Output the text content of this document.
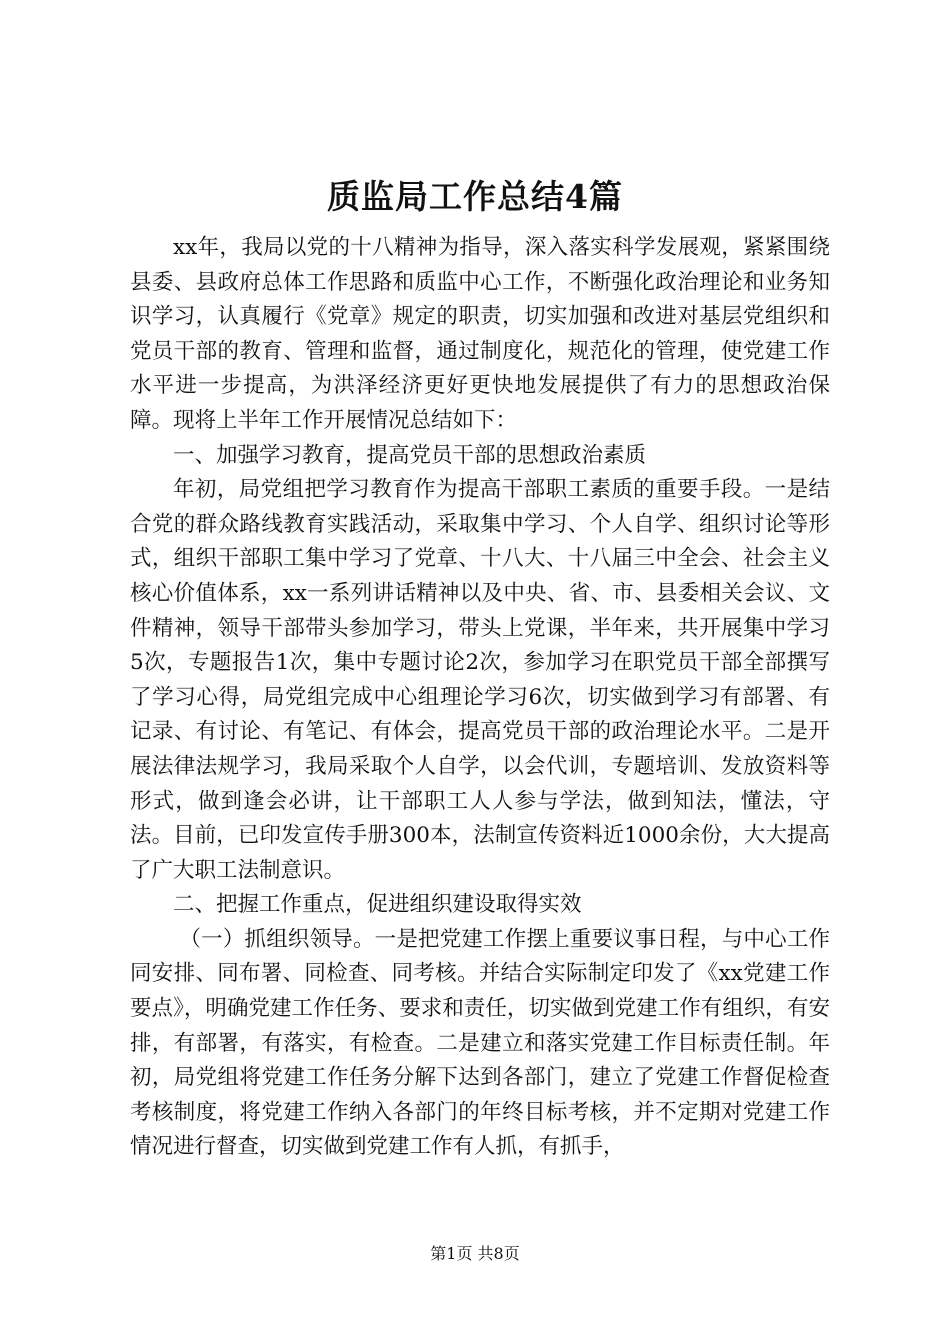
质监局工作总结4篇

xx年，我局以党的十八精神为指导，深入落实科学发展观，紧紧围绕县委、县政府总体工作思路和质监中心工作，不断强化政治理论和业务知识学习，认真履行《党章》规定的职责，切实加强和改进对基层党组织和党员干部的教育、管理和监督，通过制度化，规范化的管理，使党建工作水平进一步提高，为洪泽经济更好更快地发展提供了有力的思想政治保障。现将上半年工作开展情况总结如下：

一、加强学习教育，提高党员干部的思想政治素质

年初，局党组把学习教育作为提高干部职工素质的重要手段。一是结合党的群众路线教育实践活动，采取集中学习、个人自学、组织讨论等形式，组织干部职工集中学习了党章、十八大、十八届三中全会、社会主义核心价值体系，xx一系列讲话精神以及中央、省、市、县委相关会议、文件精神，领导干部带头参加学习，带头上党课，半年来，共开展集中学习5次，专题报告1次，集中专题讨论2次，参加学习在职党员干部全部撰写了学习心得，局党组完成中心组理论学习6次，切实做到学习有部署、有记录、有讨论、有笔记、有体会，提高党员干部的政治理论水平。二是开展法律法规学习，我局采取个人自学，以会代训，专题培训、发放资料等形式，做到逢会必讲，让干部职工人人参与学法，做到知法，懂法，守法。目前，已印发宣传手册300本，法制宣传资料近1000余份，大大提高了广大职工法制意识。

二、把握工作重点，促进组织建设取得实效

（一）抓组织领导。一是把党建工作摆上重要议事日程，与中心工作同安排、同布署、同检查、同考核。并结合实际制定印发了《xx党建工作要点》，明确党建工作任务、要求和责任，切实做到党建工作有组织，有安排，有部署，有落实，有检查。二是建立和落实党建工作目标责任制。年初，局党组将党建工作任务分解下达到各部门，建立了党建工作督促检查考核制度，将党建工作纳入各部门的年终目标考核，并不定期对党建工作情况进行督查，切实做到党建工作有人抓，有抓手，

第1页 共8页
